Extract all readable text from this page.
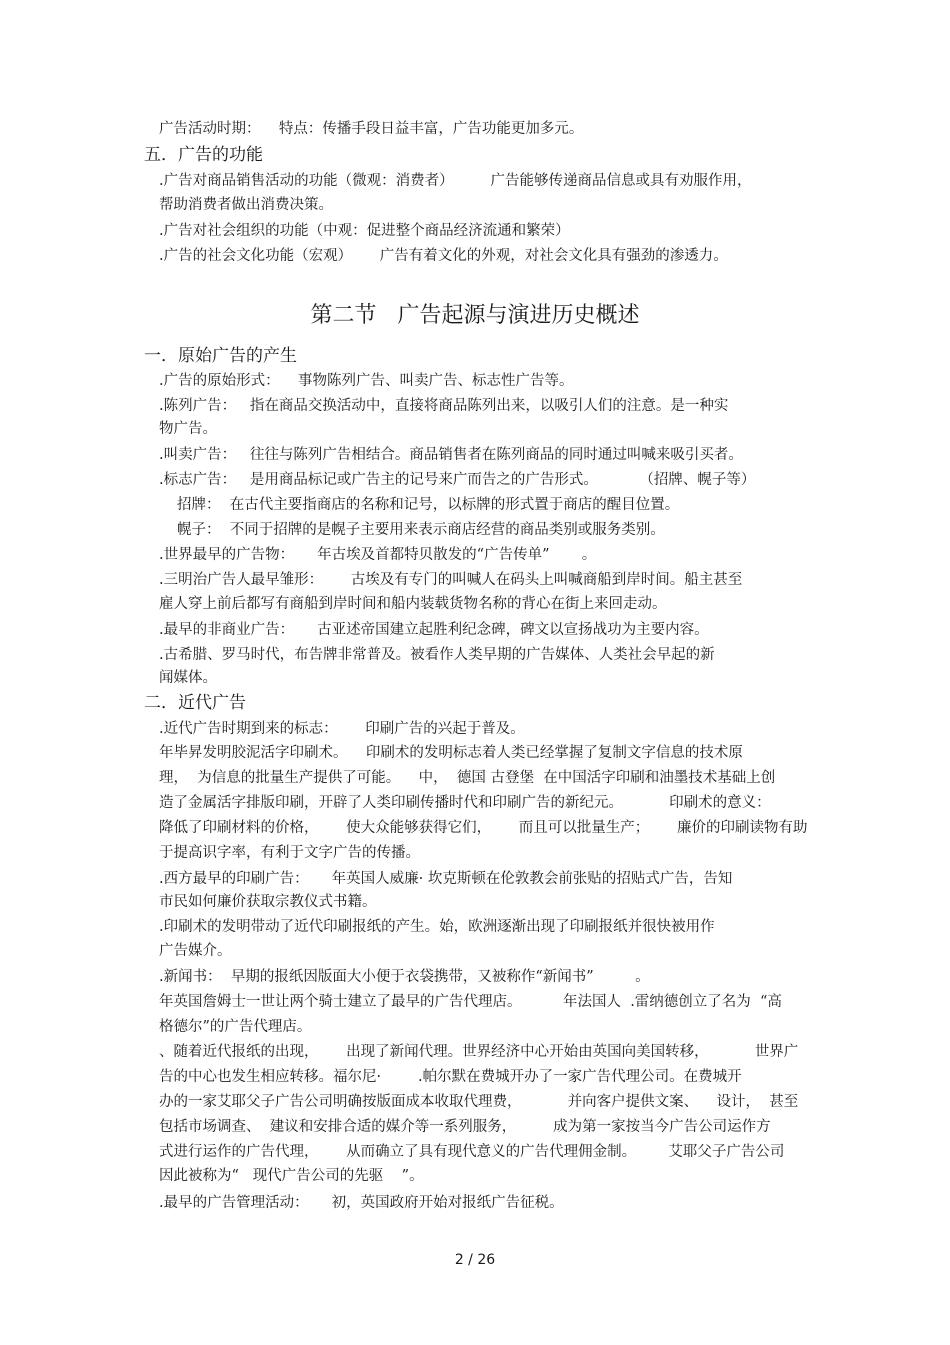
广告活动时期：    特点：传播手段日益丰富，广告功能更加多元。
五．广告的功能
.广告对商品销售活动的功能（微观：消费者）        广告能够传递商品信息或具有劝服作用，
帮助消费者做出消费决策。
.广告对社会组织的功能（中观：促进整个商品经济流通和繁荣）
.广告的社会文化功能（宏观）      广告有着文化的外观，对社会文化具有强劲的渗透力。
第二节   广告起源与演进历史概述
一．原始广告的产生
.广告的原始形式：    事物陈列广告、叫卖广告、标志性广告等。
.陈列广告：   指在商品交换活动中，直接将商品陈列出来，以吸引人们的注意。是一种实
物广告。
.叫卖广告：   往往与陈列广告相结合。商品销售者在陈列商品的同时通过叫喊来吸引买者。
.标志广告：   是用商品标记或广告主的记号来广而告之的广告形式。         （招牌、幌子等）
招牌：  在古代主要指商店的名称和记号，以标牌的形式置于商店的醒目位置。
幌子：  不同于招牌的是幌子主要用来表示商店经营的商品类别或服务类别。
.世界最早的广告物：     年古埃及首都特贝散发的“广告传单”       。
.三明治广告人最早雏形：      古埃及有专门的叫喊人在码头上叫喊商船到岸时间。船主甚至
雇人穿上前后都写有商船到岸时间和船内装载货物名称的背心在街上来回走动。
.最早的非商业广告：     古亚述帝国建立起胜利纪念碑，碑文以宣扬战功为主要内容。
.古希腊、罗马时代，布告牌非常普及。被看作人类早期的广告媒体、人类社会早起的新
闻媒体。
二．近代广告
.近代广告时期到来的标志：      印刷广告的兴起于普及。
年毕昇发明胶泥活字印刷术。    印刷术的发明标志着人类已经掌握了复制文字信息的技术原
理，  为信息的批量生产提供了可能。    中，  德国 古登堡  在中国活字印刷和油墨技术基础上创
造了金属活字排版印刷，开辟了人类印刷传播时代和印刷广告的新纪元。          印刷术的意义：
降低了印刷材料的价格，      使大众能够获得它们，      而且可以批量生产；      廉价的印刷读物有助
于提高识字率，有利于文字广告的传播。
.西方最早的印刷广告：     年英国人威廉· 坎克斯顿在伦敦教会前张贴的招贴式广告，告知
市民如何廉价获取宗教仪式书籍。
.印刷术的发明带动了近代印刷报纸的产生。始，欧洲逐渐出现了印刷报纸并很快被用作
广告媒介。
.新闻书：  早期的报纸因版面大小便于衣袋携带，又被称作“新闻书”         。
年英国詹姆士一世让两个骑士建立了最早的广告代理店。         年法国人  .雷纳德创立了名为  “高
格德尔”的广告代理店。
、随着近代报纸的出现，      出现了新闻代理。世界经济中心开始由英国向美国转移，          世界广
告的中心也发生相应转移。福尔尼·        .帕尔默在费城开办了一家广告代理公司。在费城开
办的一家艾耶父子广告公司明确按版面成本收取代理费，          并向客户提供文案、    设计，  甚至
包括市场调查、  建议和安排合适的媒介等一系列服务，        成为第一家按当今广告公司运作方
式进行运作的广告代理，      从而确立了具有现代意义的广告代理佣金制。       艾耶父子广告公司
因此被称为“   现代广告公司的先驱    ”。
.最早的广告管理活动：     初，英国政府开始对报纸广告征税。
2 / 26
